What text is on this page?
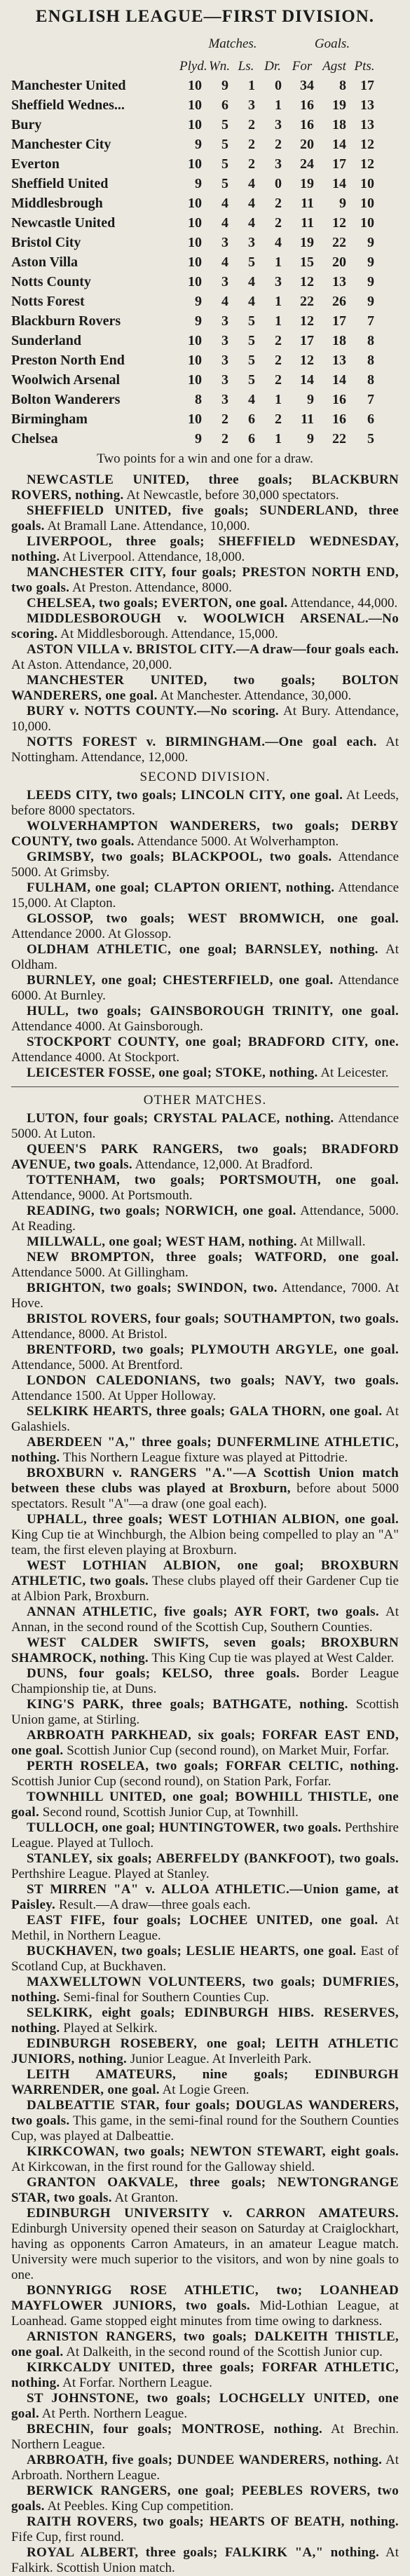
ENGLISH LEAGUE—FIRST DIVISION.
Matches.	Goals.
Plyd. Wn. Ls. Dr. For Agst Pts.
Manchester United	10	9	1	0	34	8	17
Sheffield Wednes...	10	6	3	1	16	19	13
Bury	10	5	2	3	16	18	13
Manchester City	9	5	2	2	20	14	12
Everton	10	5	2	3	24	17	12
Sheffield United	9	5	4	0	19	14	10
Middlesbrough	10	4	4	2	11	9	10
Newcastle United	10	4	4	2	11	12	10
Bristol City	10	3	3	4	19	22	9
Aston Villa	10	4	5	1	15	20	9
Notts County	10	3	4	3	12	13	9
Notts Forest	9	4	4	1	22	26	9
Blackburn Rovers	9	3	5	1	12	17	7
Sunderland	10	3	5	2	17	18	8
Preston North End	10	3	5	2	12	13	8
Woolwich Arsenal	10	3	5	2	14	14	8
Bolton Wanderers	8	3	4	1	9	16	7
Birmingham	10	2	6	2	11	16	6
Chelsea	9	2	6	1	9	22	5
Two points for a win and one for a draw.

NEWCASTLE UNITED, three goals; BLACKBURN ROVERS, nothing. At Newcastle, before 30,000 spectators.

SHEFFIELD UNITED, five goals; SUNDERLAND, three goals. At Bramall Lane. Attendance, 10,000.

LIVERPOOL, three goals; SHEFFIELD WEDNESDAY, nothing. At Liverpool. Attendance, 18,000.

MANCHESTER CITY, four goals; PRESTON NORTH END, two goals. At Preston. Attendance, 8000.

CHELSEA, two goals; EVERTON, one goal. Attendance, 44,000.

MIDDLESBOROUGH v. WOOLWICH ARSENAL.—No scoring. At Middlesborough. Attendance, 15,000.

ASTON VILLA v. BRISTOL CITY.—A draw—four goals each. At Aston. Attendance, 20,000.

MANCHESTER UNITED, two goals; BOLTON WANDERERS, one goal. At Manchester. Attendance, 30,000.

BURY v. NOTTS COUNTY.—No scoring. At Bury. Attendance, 10,000.

NOTTS FOREST v. BIRMINGHAM.—One goal each. At Nottingham. Attendance, 12,000.

SECOND DIVISION.

LEEDS CITY, two goals; LINCOLN CITY, one goal. At Leeds, before 8000 spectators.

WOLVERHAMPTON WANDERERS, two goals; DERBY COUNTY, two goals. Attendance 5000. At Wolverhampton.

GRIMSBY, two goals; BLACKPOOL, two goals. Attendance 5000. At Grimsby.

FULHAM, one goal; CLAPTON ORIENT, nothing. Attendance 15,000. At Clapton.

GLOSSOP, two goals; WEST BROMWICH, one goal. Attendance 2000. At Glossop.

OLDHAM ATHLETIC, one goal; BARNSLEY, nothing. At Oldham.

BURNLEY, one goal; CHESTERFIELD, one goal. Attendance 6000. At Burnley.

HULL, two goals; GAINSBOROUGH TRINITY, one goal. Attendance 4000. At Gainsborough.

STOCKPORT COUNTY, one goal; BRADFORD CITY, one. Attendance 4000. At Stockport.

LEICESTER FOSSE, one goal; STOKE, nothing. At Leicester.

OTHER MATCHES.

LUTON, four goals; CRYSTAL PALACE, nothing. Attendance 5000. At Luton.

QUEEN'S PARK RANGERS, two goals; BRADFORD AVENUE, two goals. Attendance, 12,000. At Bradford.

TOTTENHAM, two goals; PORTSMOUTH, one goal. Attendance, 9000. At Portsmouth.

READING, two goals; NORWICH, one goal. Attendance, 5000. At Reading.

MILLWALL, one goal; WEST HAM, nothing. At Millwall.

NEW BROMPTON, three goals; WATFORD, one goal. Attendance 5000. At Gillingham.

BRIGHTON, two goals; SWINDON, two. Attendance, 7000. At Hove.

BRISTOL ROVERS, four goals; SOUTHAMPTON, two goals. Attendance, 8000. At Bristol.

BRENTFORD, two goals; PLYMOUTH ARGYLE, one goal. Attendance, 5000. At Brentford.

LONDON CALEDONIANS, two goals; NAVY, two goals. Attendance 1500. At Upper Holloway.

SELKIRK HEARTS, three goals; GALA THORN, one goal. At Galashiels.

ABERDEEN "A," three goals; DUNFERMLINE ATHLETIC, nothing. This Northern League fixture was played at Pittodrie.

BROXBURN v. RANGERS "A."—A Scottish Union match between these clubs was played at Broxburn, before about 5000 spectators. Result "A"—a draw (one goal each).

UPHALL, three goals; WEST LOTHIAN ALBION, one goal. King Cup tie at Winchburgh, the Albion being compelled to play an "A" team, the first eleven playing at Broxburn.

WEST LOTHIAN ALBION, one goal; BROXBURN ATHLETIC, two goals. These clubs played off their Gardener Cup tie at Albion Park, Broxburn.

ANNAN ATHLETIC, five goals; AYR FORT, two goals. At Annan, in the second round of the Scottish Cup, Southern Counties.

WEST CALDER SWIFTS, seven goals; BROXBURN SHAMROCK, nothing. This King Cup tie was played at West Calder.

DUNS, four goals; KELSO, three goals. Border League Championship tie, at Duns.

KING'S PARK, three goals; BATHGATE, nothing. Scottish Union game, at Stirling.

ARBROATH PARKHEAD, six goals; FORFAR EAST END, one goal. Scottish Junior Cup (second round), on Market Muir, Forfar.

PERTH ROSELEA, two goals; FORFAR CELTIC, nothing. Scottish Junior Cup (second round), on Station Park, Forfar.

TOWNHILL UNITED, one goal; BOWHILL THISTLE, one goal. Second round, Scottish Junior Cup, at Townhill.

TULLOCH, one goal; HUNTINGTOWER, two goals. Perthshire League. Played at Tulloch.

STANLEY, six goals; ABERFELDY (BANKFOOT), two goals. Perthshire League. Played at Stanley.

ST MIRREN "A" v. ALLOA ATHLETIC.—Union game, at Paisley. Result.—A draw—three goals each.

EAST FIFE, four goals; LOCHEE UNITED, one goal. At Methil, in Northern League.

BUCKHAVEN, two goals; LESLIE HEARTS, one goal. East of Scotland Cup, at Buckhaven.

MAXWELLTOWN VOLUNTEERS, two goals; DUMFRIES, nothing. Semi-final for Southern Counties Cup.

SELKIRK, eight goals; EDINBURGH HIBS. RESERVES, nothing. Played at Selkirk.

EDINBURGH ROSEBERY, one goal; LEITH ATHLETIC JUNIORS, nothing. Junior League. At Inverleith Park.

LEITH AMATEURS, nine goals; EDINBURGH WARRENDER, one goal. At Logie Green.

DALBEATTIE STAR, four goals; DOUGLAS WANDERERS, two goals. This game, in the semi-final round for the Southern Counties Cup, was played at Dalbeattie.

KIRKCOWAN, two goals; NEWTON STEWART, eight goals. At Kirkcowan, in the first round for the Galloway shield.

GRANTON OAKVALE, three goals; NEWTONGRANGE STAR, two goals. At Granton.

EDINBURGH UNIVERSITY v. CARRON AMATEURS. Edinburgh University opened their season on Saturday at Craiglockhart, having as opponents Carron Amateurs, in an amateur League match. University were much superior to the visitors, and won by nine goals to one.

BONNYRIGG ROSE ATHLETIC, two; LOANHEAD MAYFLOWER JUNIORS, two goals. Mid-Lothian League, at Loanhead. Game stopped eight minutes from time owing to darkness.

ARNISTON RANGERS, two goals; DALKEITH THISTLE, one goal. At Dalkeith, in the second round of the Scottish Junior cup.

KIRKCALDY UNITED, three goals; FORFAR ATHLETIC, nothing. At Forfar. Northern League.

ST JOHNSTONE, two goals; LOCHGELLY UNITED, one goal. At Perth. Northern League.

BRECHIN, four goals; MONTROSE, nothing. At Brechin. Northern League.

ARBROATH, five goals; DUNDEE WANDERERS, nothing. At Arbroath. Northern League.

BERWICK RANGERS, one goal; PEEBLES ROVERS, two goals. At Peebles. King Cup competition.

RAITH ROVERS, two goals; HEARTS OF BEATH, nothing. Fife Cup, first round.

ROYAL ALBERT, three goals; FALKIRK "A," nothing. At Falkirk. Scottish Union match.
